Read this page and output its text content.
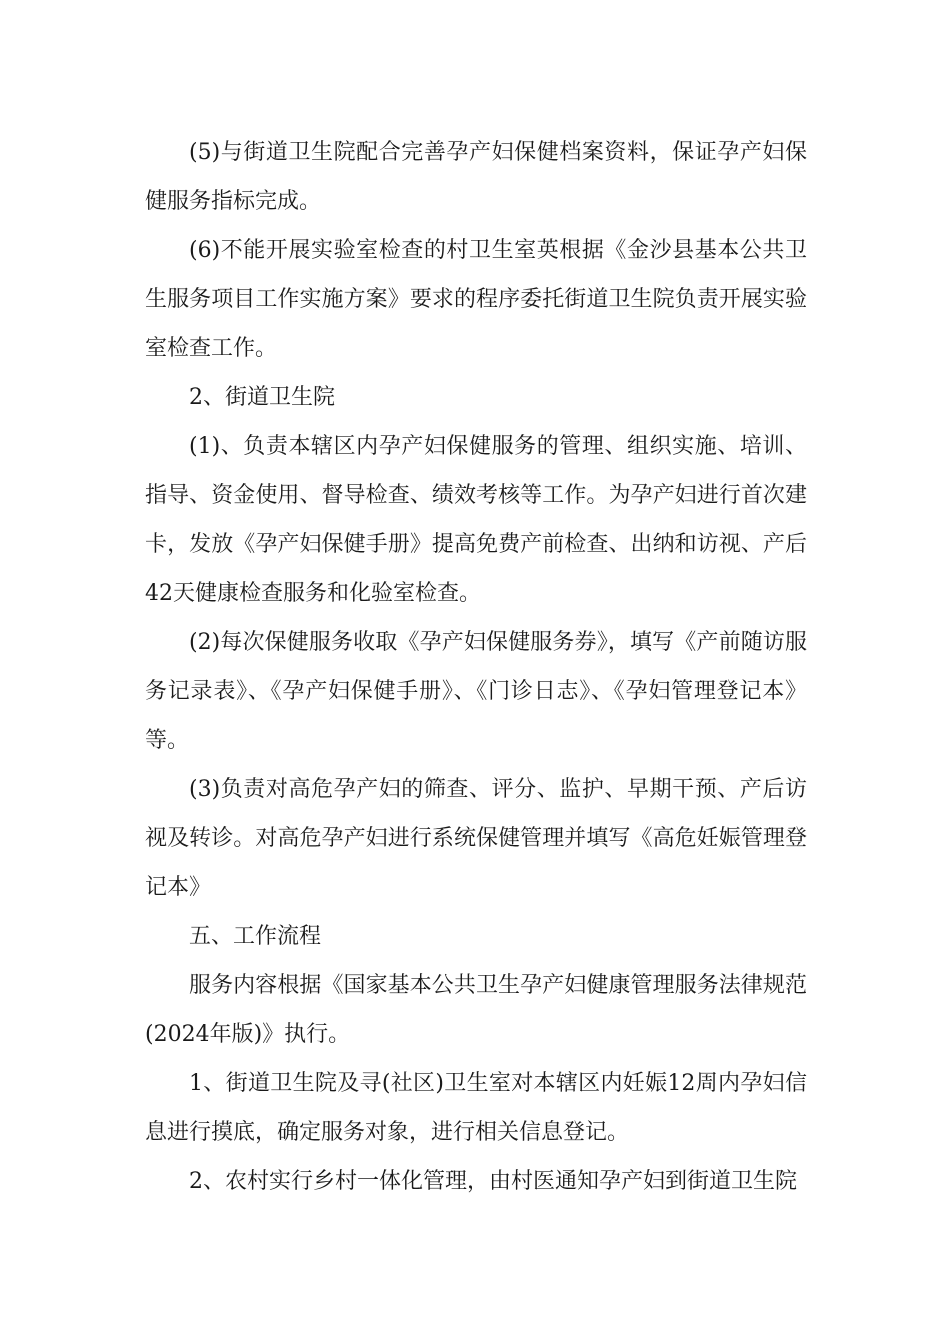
(5)与街道卫生院配合完善孕产妇保健档案资料，保证孕产妇保健服务指标完成。

(6)不能开展实验室检查的村卫生室英根据《金沙县基本公共卫生服务项目工作实施方案》要求的程序委托街道卫生院负责开展实验室检查工作。

2、街道卫生院

(1)、负责本辖区内孕产妇保健服务的管理、组织实施、培训、指导、资金使用、督导检查、绩效考核等工作。为孕产妇进行首次建卡，发放《孕产妇保健手册》提高免费产前检查、出纳和访视、产后42天健康检查服务和化验室检查。

(2)每次保健服务收取《孕产妇保健服务券》，填写《产前随访服务记录表》、《孕产妇保健手册》、《门诊日志》、《孕妇管理登记本》等。

(3)负责对高危孕产妇的筛查、评分、监护、早期干预、产后访视及转诊。对高危孕产妇进行系统保健管理并填写《高危妊娠管理登记本》

五、工作流程

服务内容根据《国家基本公共卫生孕产妇健康管理服务法律规范(2024年版)》执行。

1、街道卫生院及寻(社区)卫生室对本辖区内妊娠12周内孕妇信息进行摸底，确定服务对象，进行相关信息登记。

2、农村实行乡村一体化管理，由村医通知孕产妇到街道卫生院
